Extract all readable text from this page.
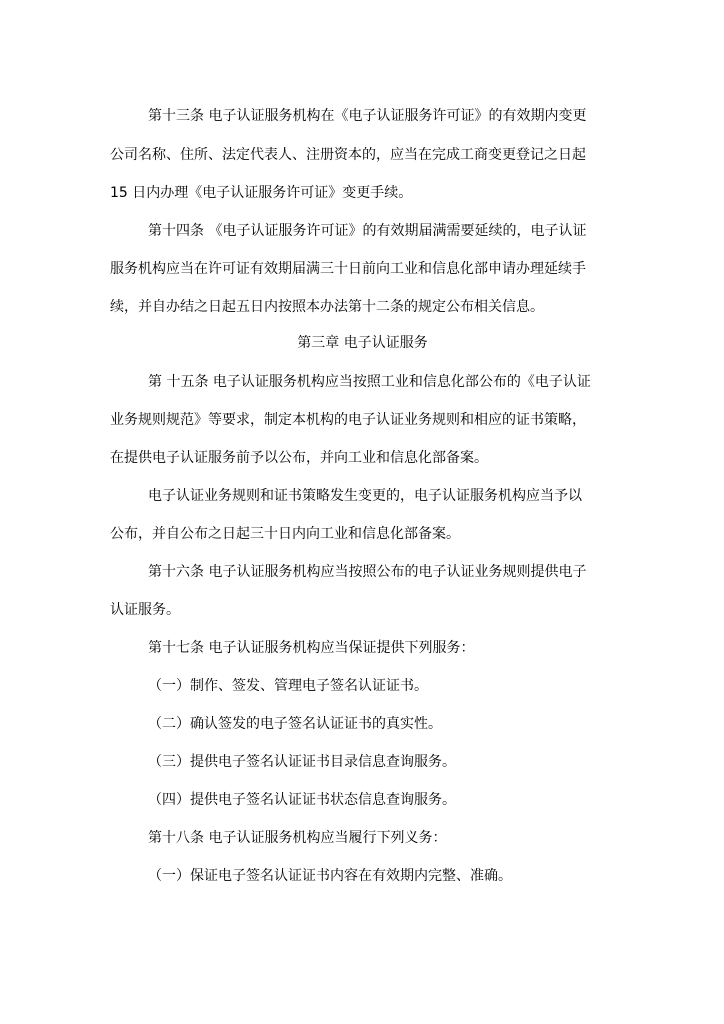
第十三条 电子认证服务机构在《电子认证服务许可证》的有效期内变更
公司名称、住所、法定代表人、注册资本的，应当在完成工商变更登记之日起
15 日内办理《电子认证服务许可证》变更手续。
第十四条 《电子认证服务许可证》的有效期届满需要延续的，电子认证
服务机构应当在许可证有效期届满三十日前向工业和信息化部申请办理延续手
续，并自办结之日起五日内按照本办法第十二条的规定公布相关信息。
第三章 电子认证服务
第 十五条 电子认证服务机构应当按照工业和信息化部公布的《电子认证
业务规则规范》等要求，制定本机构的电子认证业务规则和相应的证书策略，
在提供电子认证服务前予以公布，并向工业和信息化部备案。
电子认证业务规则和证书策略发生变更的，电子认证服务机构应当予以
公布，并自公布之日起三十日内向工业和信息化部备案。
第十六条 电子认证服务机构应当按照公布的电子认证业务规则提供电子
认证服务。
第十七条 电子认证服务机构应当保证提供下列服务：
（一）制作、签发、管理电子签名认证证书。
（二）确认签发的电子签名认证证书的真实性。
（三）提供电子签名认证证书目录信息查询服务。
（四）提供电子签名认证证书状态信息查询服务。
第十八条 电子认证服务机构应当履行下列义务：
（一）保证电子签名认证证书内容在有效期内完整、准确。
